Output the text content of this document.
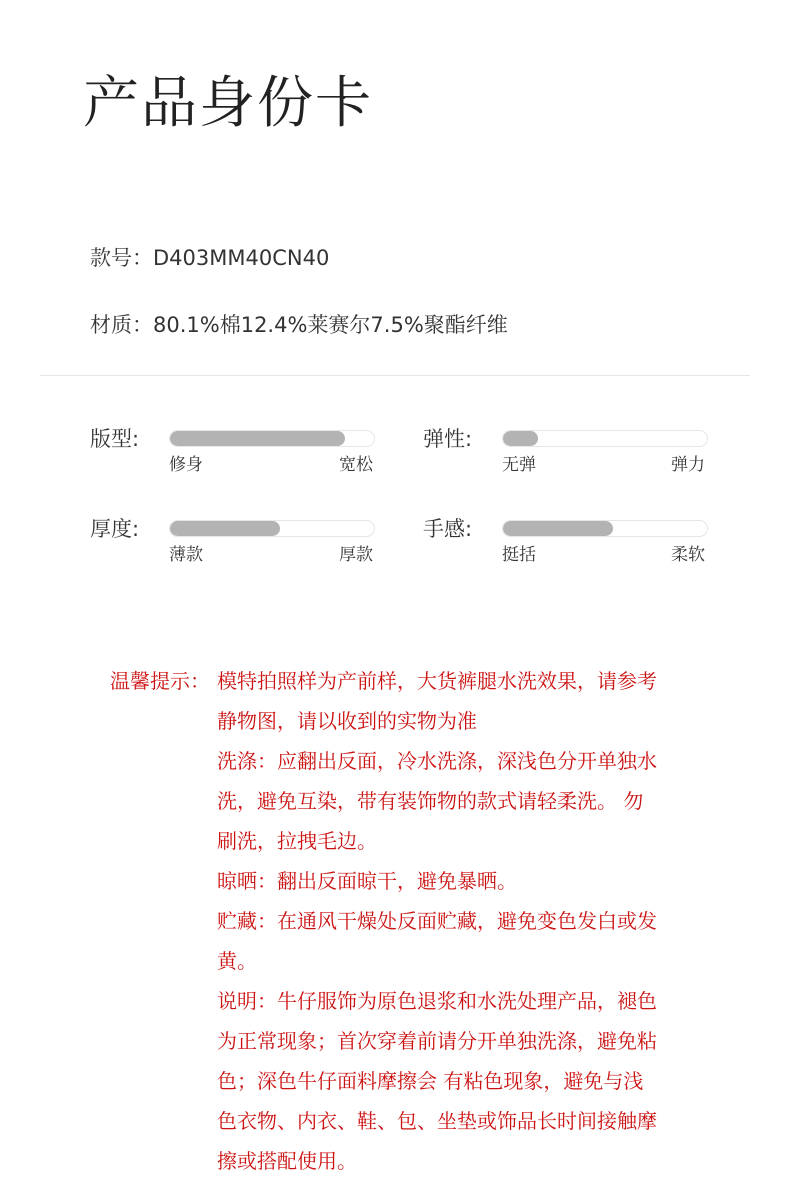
产品身份卡
款号：D403MM40CN40
材质：80.1%棉12.4%莱赛尔7.5%聚酯纤维
版型:
修身	宽松
弹性:
无弹	弹力
厚度:
薄款	厚款
手感:
挺括	柔软
温馨提示： 模特拍照样为产前样，大货裤腿水洗效果，请参考
静物图，请以收到的实物为准
洗涤：应翻出反面，冷水洗涤，深浅色分开单独水
洗，避免互染，带有装饰物的款式请轻柔洗。 勿
刷洗，拉拽毛边。
晾晒：翻出反面晾干，避免暴晒。
贮藏：在通风干燥处反面贮藏，避免变色发白或发
黄。
说明：牛仔服饰为原色退浆和水洗处理产品，褪色
为正常现象；首次穿着前请分开单独洗涤，避免粘
色；深色牛仔面料摩擦会 有粘色现象，避免与浅
色衣物、内衣、鞋、包、坐垫或饰品长时间接触摩
擦或搭配使用。
